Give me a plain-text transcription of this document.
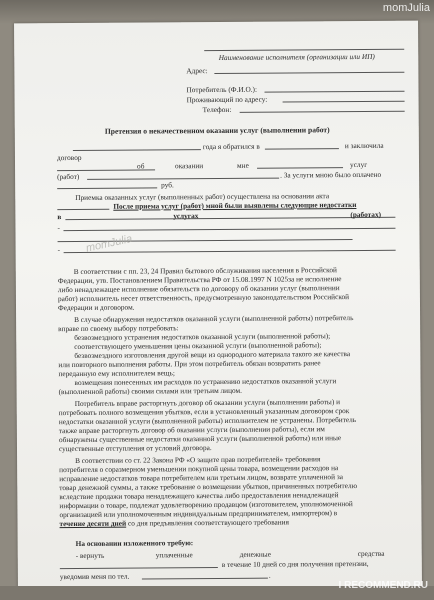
momJulia
Наименование исполнителя (организации или ИП)
Адрес:
Потребитель (Ф.И.О.):
Проживающий по адресу:
Телефон:
Претензия о некачественном оказании услуг (выполнении работ)
года я обратился в	и заключила
договор
об	оказании	мне	услуг
(работ)	. За услуги мною было оплачено
руб.
Приемка оказанных услуг (выполненных работ) осуществлена на основании акта
После приема услуг (работ) мной были выявлены следующие недостатки
в	услугах	(работах)
-
- momJulia
В соответствии с пп. 23, 24 Правил бытового обслуживания населения в Российской
Федерации, утв. Постановлением Правительства РФ от 15.08.1997 N 1025за не исполнение
либо ненадлежащее исполнение обязательств по договору об оказании услуг (выполнении
работ) исполнитель несет ответственность, предусмотренную законодательством Российской
Федерации и договором.
В случае обнаружения недостатков оказанной услуги (выполненной работы) потребитель
вправе по своему выбору потребовать:
безвозмездного устранения недостатков оказанной услуги (выполненной работы);
соответствующего уменьшения цены оказанной услуги (выполненной работы);
безвозмездного изготовления другой вещи из однородного материала такого же качества
или повторного выполнения работы. При этом потребитель обязан возвратить ранее
переданную ему исполнителем вещь;
возмещения понесенных им расходов по устранению недостатков оказанной услуги
(выполненной работы) своими силами или третьим лицом.
Потребитель вправе расторгнуть договор об оказании услуги (выполнении работы) и
потребовать полного возмещения убытков, если в установленный указанным договором срок
недостатки оказанной услуги (выполненной работы) исполнителем не устранены. Потребитель
также вправе расторгнуть договор об оказании услуги (выполнении работы), если им
обнаружены существенные недостатки оказанной услуги (выполненной работы) или иные
существенные отступления от условий договора.
В соответствии со ст. 22 Закона РФ «О защите прав потребителей» требования
потребителя о соразмерном уменьшении покупной цены товара, возмещении расходов на
исправление недостатков товара потребителем или третьим лицом, возврате уплаченной за
товар денежной суммы, а также требование о возмещении убытков, причиненных потребителю
вследствие продажи товара ненадлежащего качества либо предоставления ненадлежащей
информации о товаре, подлежат удовлетворению продавцом (изготовителем, уполномоченной
организацией или уполномоченным индивидуальным предпринимателем, импортером) в
течение десяти дней со дня предъявления соответствующего требования
На основании изложенного требую:
- вернуть	уплаченные	денежные	средства
в течение 10 дней со дня получения претензии,
уведомив меня по тел.	.
I RECOMMEND.RU
